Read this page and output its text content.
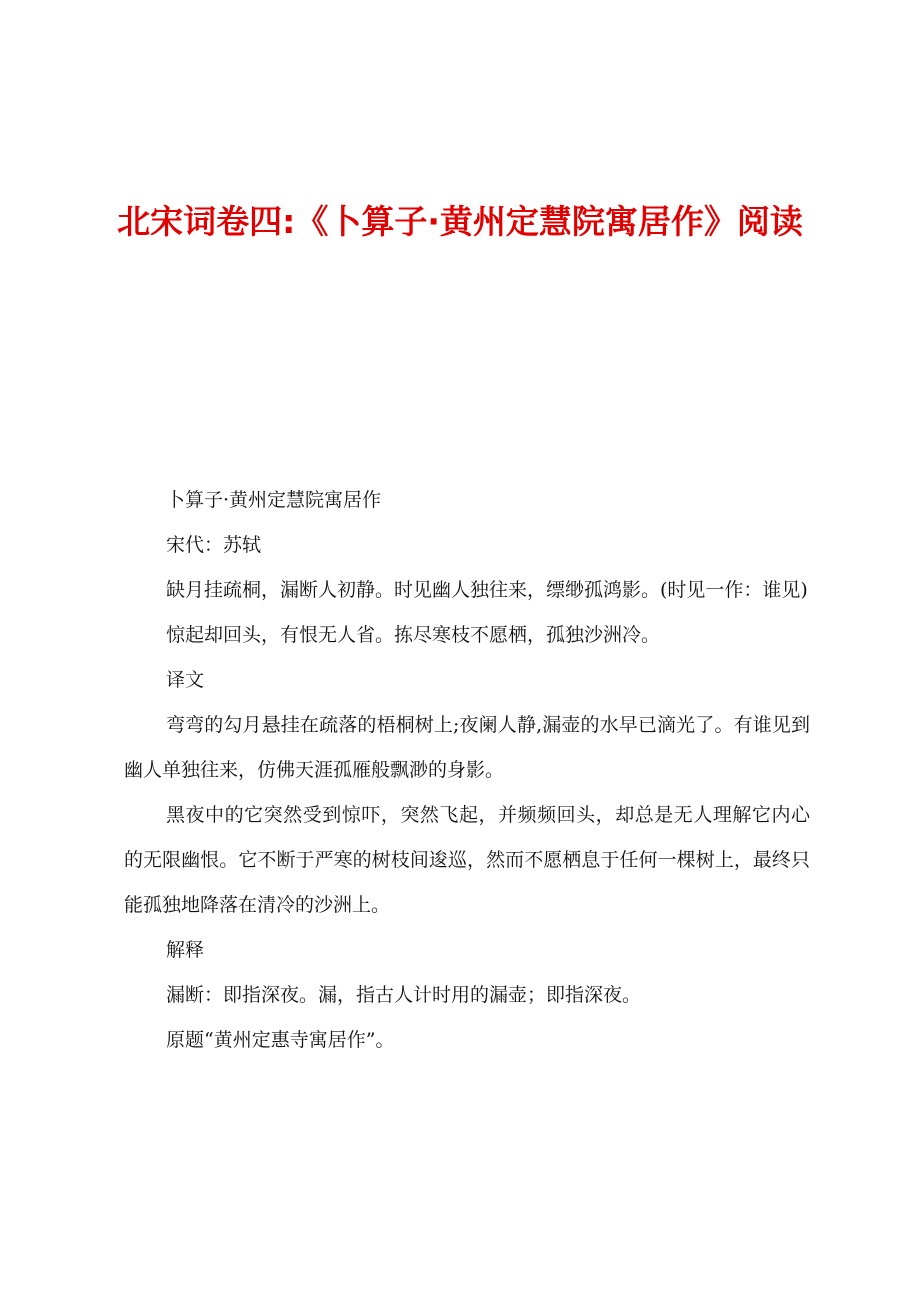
北宋词卷四:《卜算子·黄州定慧院寓居作》阅读

卜算子·黄州定慧院寓居作

宋代：苏轼

缺月挂疏桐，漏断人初静。时见幽人独往来，缥缈孤鸿影。(时见一作：谁见)

惊起却回头，有恨无人省。拣尽寒枝不愿栖，孤独沙洲冷。

译文

弯弯的勾月悬挂在疏落的梧桐树上;夜阑人静,漏壶的水早已滴光了。有谁见到幽人单独往来，仿佛天涯孤雁般飘渺的身影。

黑夜中的它突然受到惊吓，突然飞起，并频频回头，却总是无人理解它内心的无限幽恨。它不断于严寒的树枝间逡巡，然而不愿栖息于任何一棵树上，最终只能孤独地降落在清冷的沙洲上。

解释

漏断：即指深夜。漏，指古人计时用的漏壶；即指深夜。

原题“黄州定惠寺寓居作”。
